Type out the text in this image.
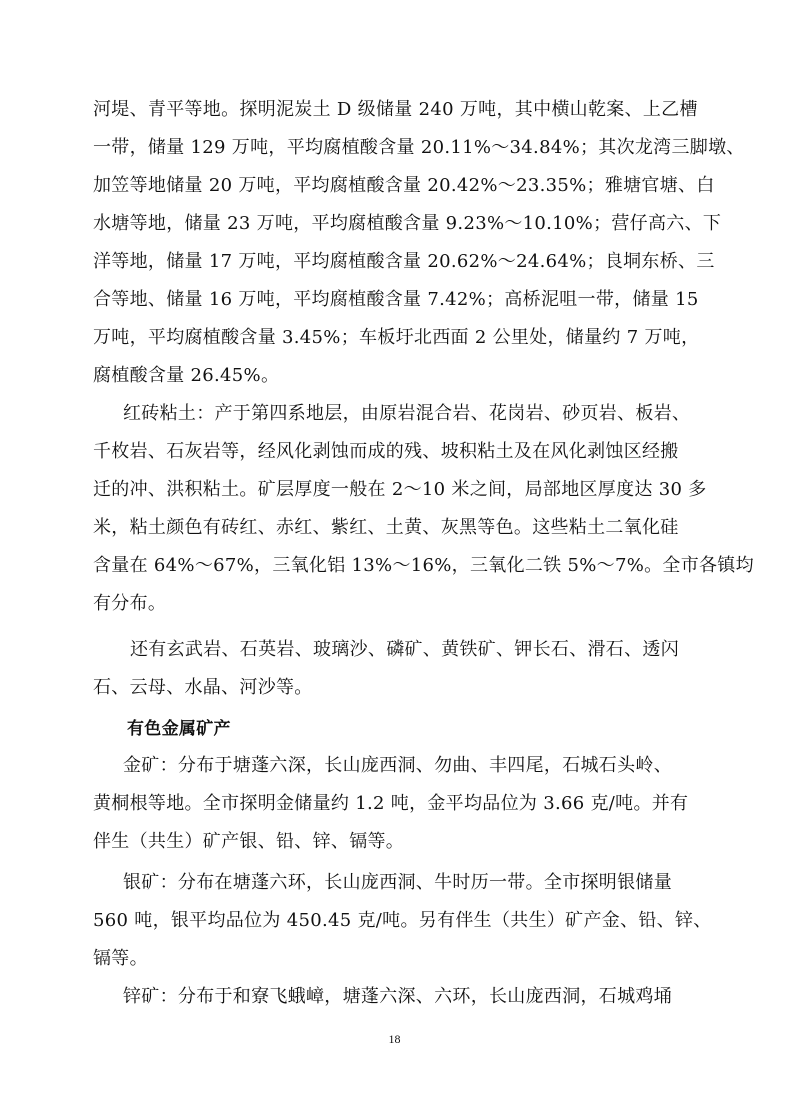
河堤、青平等地。探明泥炭土 D 级储量 240 万吨，其中横山乾案、上乙槽
一带，储量 129 万吨，平均腐植酸含量 20.11%～34.84%；其次龙湾三脚墩、
加笠等地储量 20 万吨，平均腐植酸含量 20.42%～23.35%；雅塘官塘、白
水塘等地，储量 23 万吨，平均腐植酸含量 9.23%～10.10%；营仔高六、下
洋等地，储量 17 万吨，平均腐植酸含量 20.62%～24.64%；良垌东桥、三
合等地、储量 16 万吨，平均腐植酸含量 7.42%；高桥泥咀一带，储量 15
万吨，平均腐植酸含量 3.45%；车板圩北西面 2 公里处，储量约 7 万吨，
腐植酸含量 26.45%。
红砖粘土：产于第四系地层，由原岩混合岩、花岗岩、砂页岩、板岩、
千枚岩、石灰岩等，经风化剥蚀而成的残、坡积粘土及在风化剥蚀区经搬
迁的冲、洪积粘土。矿层厚度一般在 2～10 米之间，局部地区厚度达 30 多
米，粘土颜色有砖红、赤红、紫红、土黄、灰黑等色。这些粘土二氧化硅
含量在 64%～67%，三氧化铝 13%～16%，三氧化二铁 5%～7%。全市各镇均
有分布。
还有玄武岩、石英岩、玻璃沙、磷矿、黄铁矿、钾长石、滑石、透闪
石、云母、水晶、河沙等。
有色金属矿产
金矿：分布于塘蓬六深，长山庞西洞、勿曲、丰四尾，石城石头岭、
黄桐根等地。全市探明金储量约 1.2 吨，金平均品位为 3.66 克/吨。并有
伴生（共生）矿产银、铅、锌、镉等。
银矿：分布在塘蓬六环，长山庞西洞、牛时历一带。全市探明银储量
560 吨，银平均品位为 450.45 克/吨。另有伴生（共生）矿产金、铅、锌、
镉等。
锌矿：分布于和寮飞蛾嶂，塘蓬六深、六环，长山庞西洞，石城鸡埇
18
